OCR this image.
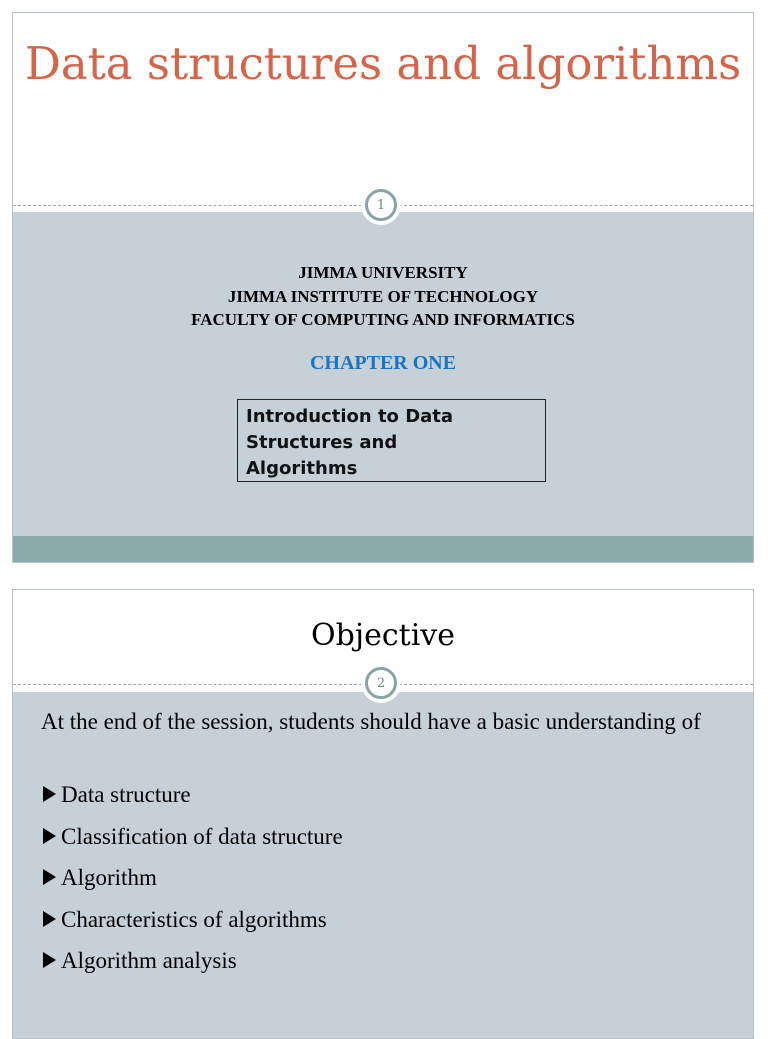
Data structures and algorithms
1
JIMMA UNIVERSITY
JIMMA INSTITUTE OF TECHNOLOGY
FACULTY OF COMPUTING AND INFORMATICS
CHAPTER ONE
Introduction to Data
Structures and
Algorithms
Objective
2
At the end of the session, students should have a basic understanding of
Data structure
Classification of data structure
Algorithm
Characteristics of algorithms
Algorithm analysis
